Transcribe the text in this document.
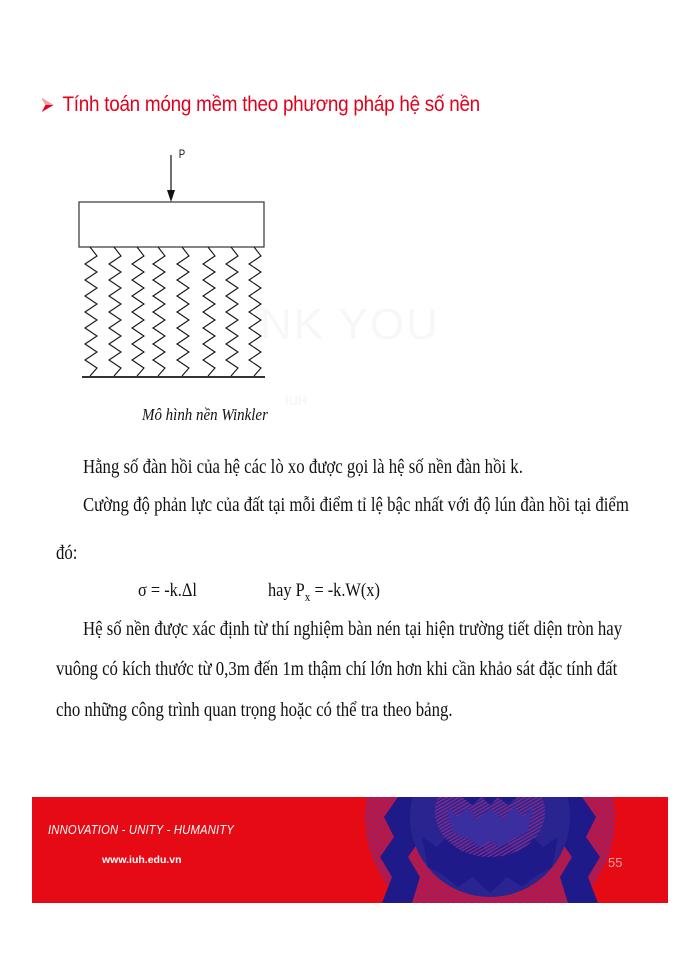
NK YOU
IUH
Tính toán móng mềm theo phương pháp hệ số nền
P
Mô hình nền Winkler
Hằng số đàn hồi của hệ các lò xo được gọi là hệ số nền đàn hồi k.
Cường độ phản lực của đất tại mỗi điểm tỉ lệ bậc nhất với độ lún đàn hồi tại điểm
đó:
σ = -k.Δl	hay $P_x = -k.W(x)$
Hệ số nền được xác định từ thí nghiệm bàn nén tại hiện trường tiết diện tròn hay
vuông có kích thước từ 0,3m đến 1m thậm chí lớn hơn khi cần khảo sát đặc tính đất
cho những công trình quan trọng hoặc có thể tra theo bảng.
INNOVATION - UNITY - HUMANITY
www.iuh.edu.vn	55
